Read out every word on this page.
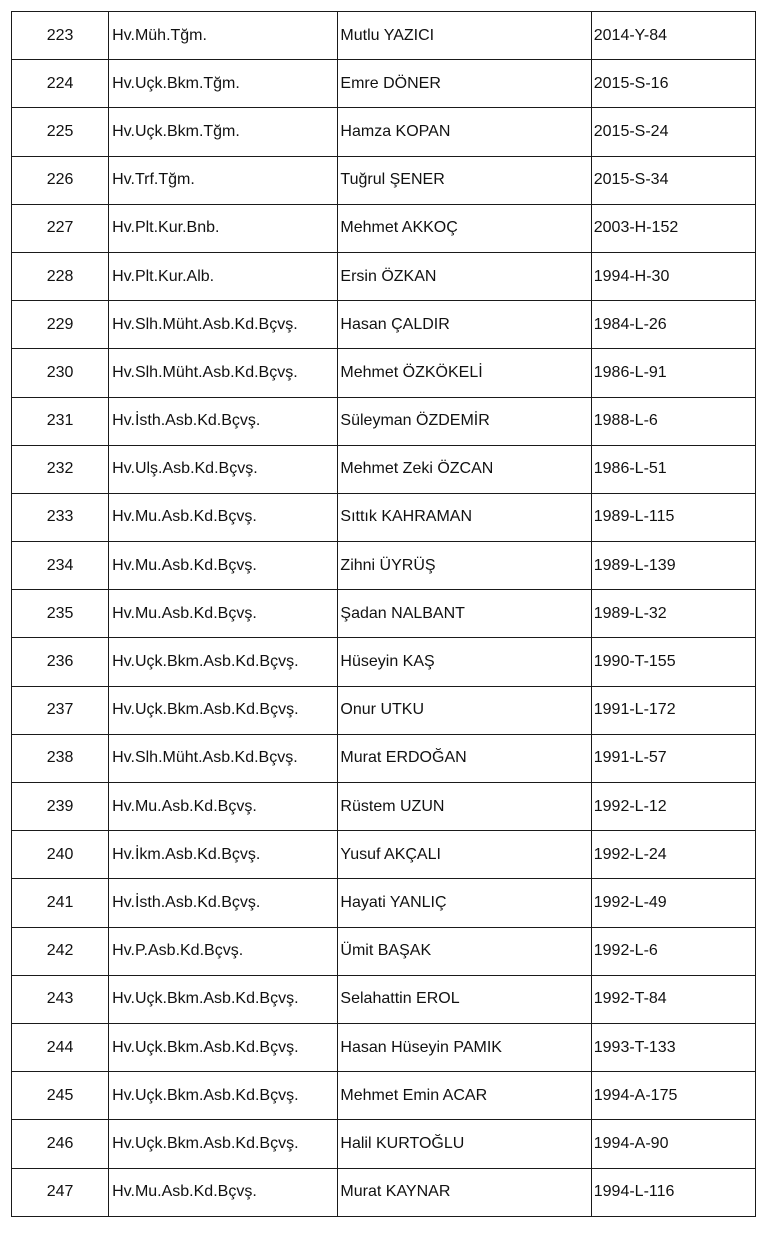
223	Hv.Müh.Tğm.	Mutlu YAZICI	2014-Y-84
224	Hv.Uçk.Bkm.Tğm.	Emre DÖNER	2015-S-16
225	Hv.Uçk.Bkm.Tğm.	Hamza KOPAN	2015-S-24
226	Hv.Trf.Tğm.	Tuğrul ŞENER	2015-S-34
227	Hv.Plt.Kur.Bnb.	Mehmet AKKOÇ	2003-H-152
228	Hv.Plt.Kur.Alb.	Ersin ÖZKAN	1994-H-30
229	Hv.Slh.Müht.Asb.Kd.Bçvş.	Hasan ÇALDIR	1984-L-26
230	Hv.Slh.Müht.Asb.Kd.Bçvş.	Mehmet ÖZKÖKELİ	1986-L-91
231	Hv.İsth.Asb.Kd.Bçvş.	Süleyman ÖZDEMİR	1988-L-6
232	Hv.Ulş.Asb.Kd.Bçvş.	Mehmet Zeki ÖZCAN	1986-L-51
233	Hv.Mu.Asb.Kd.Bçvş.	Sıttık KAHRAMAN	1989-L-115
234	Hv.Mu.Asb.Kd.Bçvş.	Zihni ÜYRÜŞ	1989-L-139
235	Hv.Mu.Asb.Kd.Bçvş.	Şadan NALBANT	1989-L-32
236	Hv.Uçk.Bkm.Asb.Kd.Bçvş.	Hüseyin KAŞ	1990-T-155
237	Hv.Uçk.Bkm.Asb.Kd.Bçvş.	Onur UTKU	1991-L-172
238	Hv.Slh.Müht.Asb.Kd.Bçvş.	Murat ERDOĞAN	1991-L-57
239	Hv.Mu.Asb.Kd.Bçvş.	Rüstem UZUN	1992-L-12
240	Hv.İkm.Asb.Kd.Bçvş.	Yusuf AKÇALI	1992-L-24
241	Hv.İsth.Asb.Kd.Bçvş.	Hayati YANLIÇ	1992-L-49
242	Hv.P.Asb.Kd.Bçvş.	Ümit BAŞAK	1992-L-6
243	Hv.Uçk.Bkm.Asb.Kd.Bçvş.	Selahattin EROL	1992-T-84
244	Hv.Uçk.Bkm.Asb.Kd.Bçvş.	Hasan Hüseyin PAMIK	1993-T-133
245	Hv.Uçk.Bkm.Asb.Kd.Bçvş.	Mehmet Emin ACAR	1994-A-175
246	Hv.Uçk.Bkm.Asb.Kd.Bçvş.	Halil KURTOĞLU	1994-A-90
247	Hv.Mu.Asb.Kd.Bçvş.	Murat KAYNAR	1994-L-116
